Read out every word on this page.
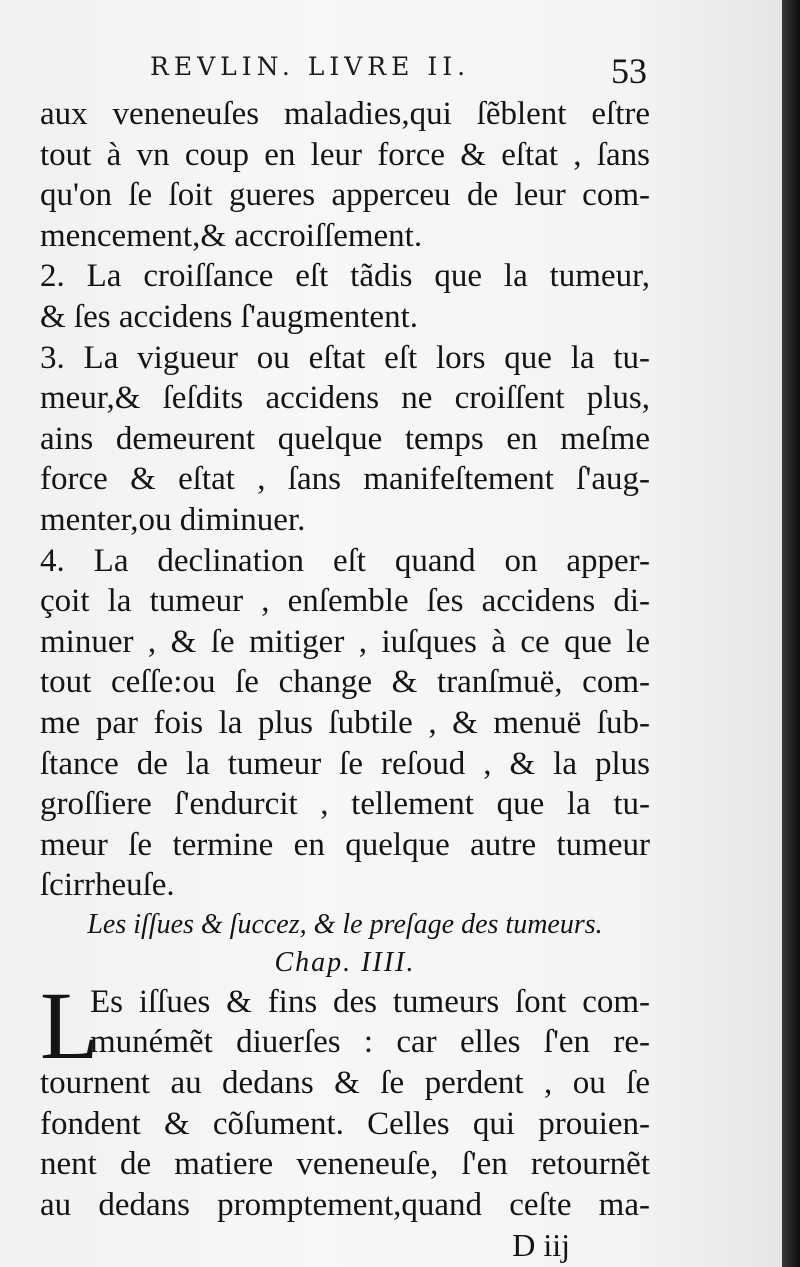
REVLIN. LIVRE II.	53
aux veneneuſes maladies,qui ſẽblent eſtre
tout à vn coup en leur force & eſtat , ſans
qu'on ſe ſoit gueres apperceu de leur com-
mencement,& accroiſſement.
2. La croiſſance eſt tãdis que la tumeur,
& ſes accidens ſ'augmentent.
3. La vigueur ou eſtat eſt lors que la tu-
meur,& ſeſdits accidens ne croiſſent plus,
ains demeurent quelque temps en meſme
force & eſtat , ſans manifeſtement ſ'aug-
menter,ou diminuer.
4. La declination eſt quand on apper-
çoit la tumeur , enſemble ſes accidens di-
minuer , & ſe mitiger , iuſques à ce que le
tout ceſſe:ou ſe change & tranſmuë, com-
me par fois la plus ſubtile , & menuë ſub-
ſtance de la tumeur ſe reſoud , & la plus
groſſiere ſ'endurcit , tellement que la tu-
meur ſe termine en quelque autre tumeur
ſcirrheuſe.
Les iſſues & ſuccez, & le preſage des tumeurs.
Chap. IIII.
L
Es iſſues & fins des tumeurs ſont com-
munémẽt diuerſes : car elles ſ'en re-
tournent au dedans & ſe perdent , ou ſe
fondent & cõſument. Celles qui prouien-
nent de matiere veneneuſe, ſ'en retournẽt
au dedans promptement,quand ceſte ma-
D iij
